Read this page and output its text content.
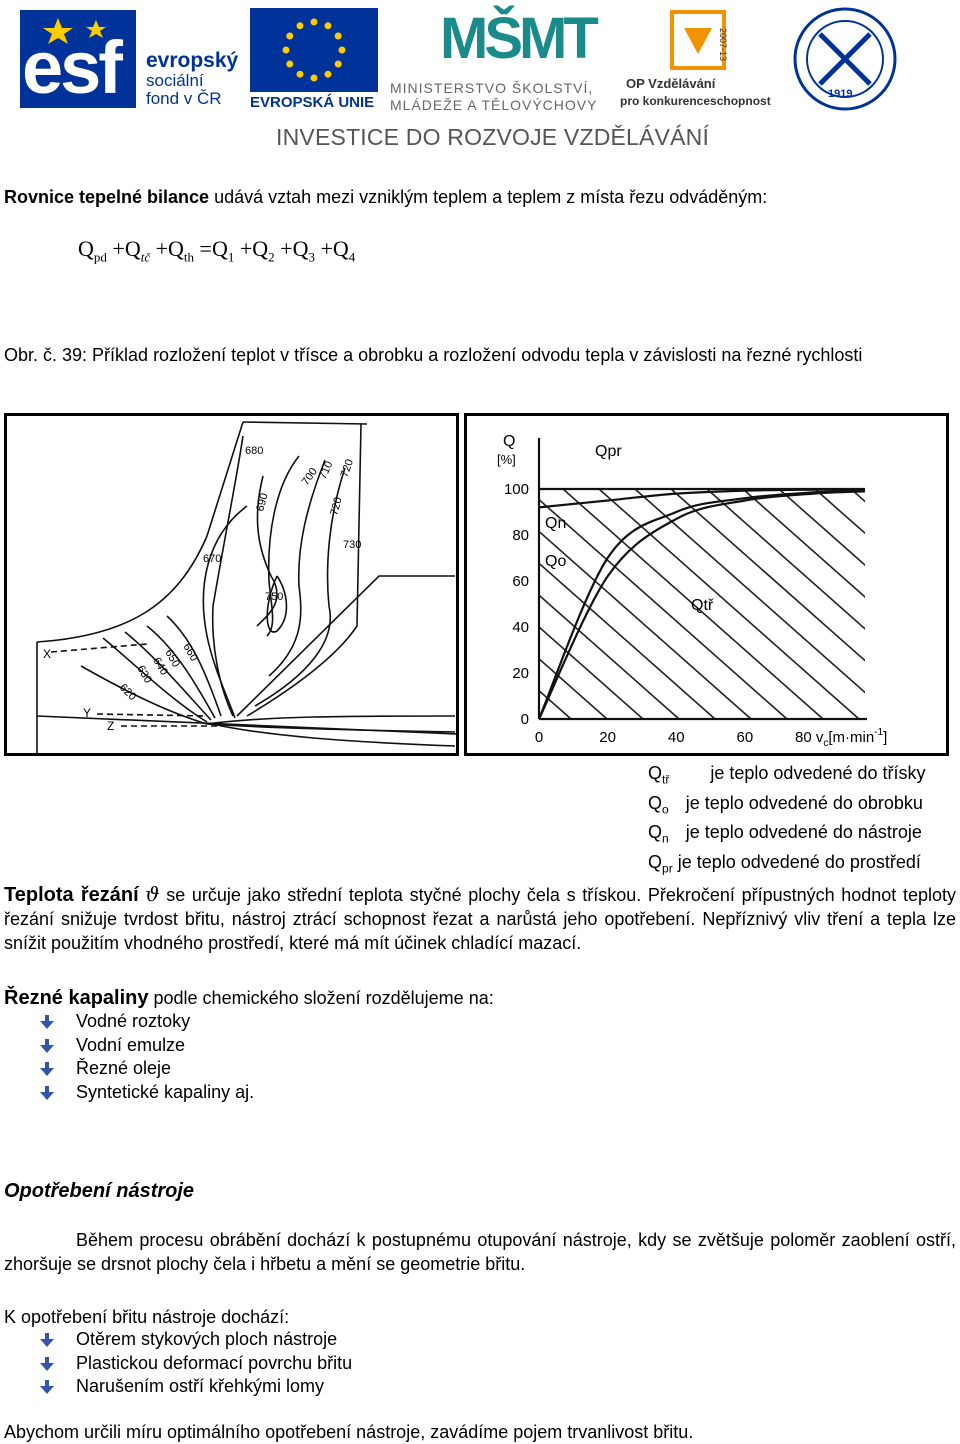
esf evropský
sociální
fond v ČR EVROPSKÁ UNIE
MŠMT
MINISTERSTVO ŠKOLSTVÍ,
MLÁDEŽE A TĚLOVÝCHOVY
2007-13
OP Vzdělávání
pro konkurenceschopnost	1919
INVESTICE DO ROZVOJE VZDĚLÁVÁNÍ
Rovnice tepelné bilance udává vztah mezi vzniklým teplem a teplem z místa řezu odváděným:
$Q_{pd} +Q_{tč} +Q_{th} =Q_1 +Q_2 +Q_3 +Q_4$
Obr. č. 39: Příklad rozložení teplot v třísce a obrobku a rozložení odvodu tepla v závislosti na řezné rychlosti
680
700
710 720
690	720
730
670
750
660
650
640
630
620
X
Y
Z
100
80
60
40
20
0
0	20	40	60
Q
[%]
80 $v_c[m\cdot\min^{-1}]$
Qpr
Qn
Qo
Qtř
$Q_{tř}$ je teplo odvedené do třísky
$Q_o$ je teplo odvedené do obrobku
$Q_n$ je teplo odvedené do nástroje
$Q_{pr}$ je teplo odvedené do prostředí
Teplota řezání ϑ se určuje jako střední teplota styčné plochy čela s třískou. Překročení přípustných hodnot teploty řezání snižuje tvrdost břitu, nástroj ztrácí schopnost řezat a narůstá jeho opotřebení. Nepříznivý vliv tření a tepla lze snížit použitím vhodného prostředí, které má mít účinek chladící mazací.
Řezné kapaliny podle chemického složení rozdělujeme na:
Vodné roztoky
Vodní emulze
Řezné oleje
Syntetické kapaliny aj.
Opotřebení nástroje
Během procesu obrábění dochází k postupnému otupování nástroje, kdy se zvětšuje poloměr zaoblení ostří, zhoršuje se drsnot plochy čela i hřbetu a mění se geometrie břitu.
K opotřebení břitu nástroje dochází:
Otěrem stykových ploch nástroje
Plastickou deformací povrchu břitu
Narušením ostří křehkými lomy
Abychom určili míru optimálního opotřebení nástroje, zavádíme pojem trvanlivost břitu.
